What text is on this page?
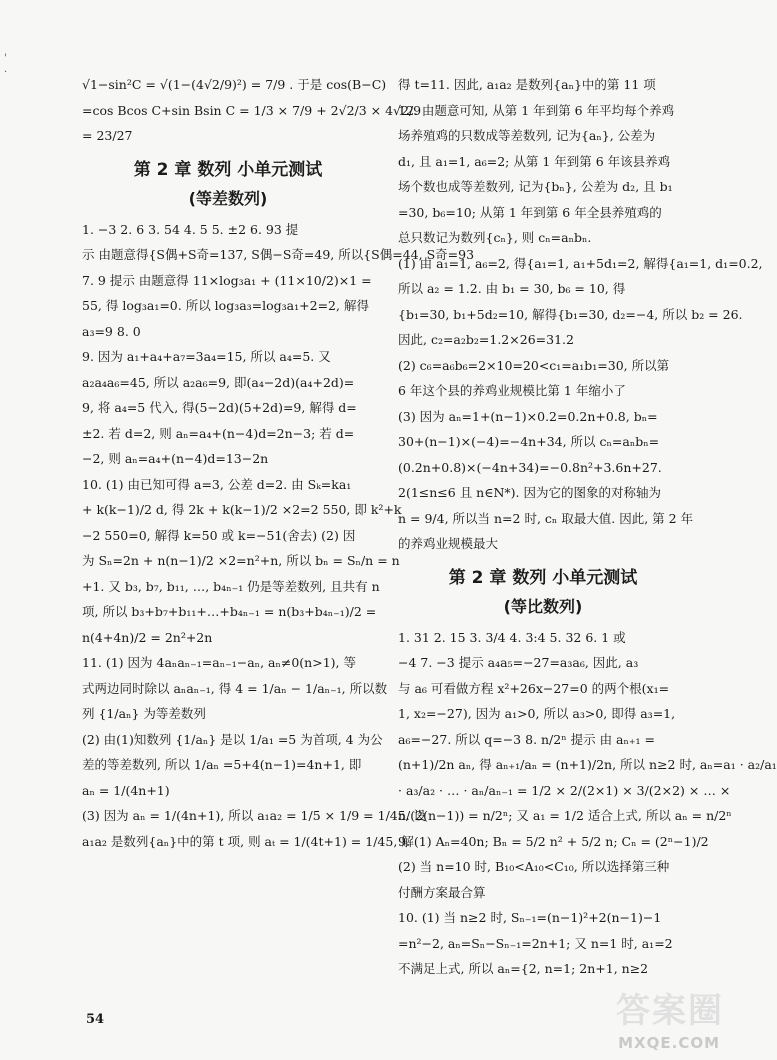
'
·
√1−sin²C = √(1−(4√2/9)²) = 7/9 . 于是 cos(B−C)
=cos Bcos C+sin Bsin C = 1/3 × 7/9 + 2√2/3 × 4√2/9
= 23/27
第 2 章 数列 小单元测试
(等差数列)
1. −3 2. 6 3. 54 4. 5 5. ±2 6. 93 提
示 由题意得{S偶+S奇=137, S偶−S奇=49, 所以{S偶=44, S奇=93
7. 9 提示 由题意得 11×log₃a₁ + (11×10/2)×1 =
55, 得 log₃a₁=0. 所以 log₃a₃=log₃a₁+2=2, 解得
a₃=9 8. 0
9. 因为 a₁+a₄+a₇=3a₄=15, 所以 a₄=5. 又
a₂a₄a₆=45, 所以 a₂a₆=9, 即(a₄−2d)(a₄+2d)=
9, 将 a₄=5 代入, 得(5−2d)(5+2d)=9, 解得 d=
±2. 若 d=2, 则 aₙ=a₄+(n−4)d=2n−3; 若 d=
−2, 则 aₙ=a₄+(n−4)d=13−2n
10. (1) 由已知可得 a=3, 公差 d=2. 由 Sₖ=ka₁
+ k(k−1)/2 d, 得 2k + k(k−1)/2 ×2=2 550, 即 k²+k
−2 550=0, 解得 k=50 或 k=−51(舍去) (2) 因
为 Sₙ=2n + n(n−1)/2 ×2=n²+n, 所以 bₙ = Sₙ/n = n
+1. 又 b₃, b₇, b₁₁, …, b₄ₙ₋₁ 仍是等差数列, 且共有 n
项, 所以 b₃+b₇+b₁₁+…+b₄ₙ₋₁ = n(b₃+b₄ₙ₋₁)/2 =
n(4+4n)/2 = 2n²+2n
11. (1) 因为 4aₙaₙ₋₁=aₙ₋₁−aₙ, aₙ≠0(n>1), 等
式两边同时除以 aₙaₙ₋₁, 得 4 = 1/aₙ − 1/aₙ₋₁, 所以数
列 {1/aₙ} 为等差数列
(2) 由(1)知数列 {1/aₙ} 是以 1/a₁ =5 为首项, 4 为公
差的等差数列, 所以 1/aₙ =5+4(n−1)=4n+1, 即
aₙ = 1/(4n+1)
(3) 因为 aₙ = 1/(4n+1), 所以 a₁a₂ = 1/5 × 1/9 = 1/45. 设
a₁a₂ 是数列{aₙ}中的第 t 项, 则 aₜ = 1/(4t+1) = 1/45, 解
得 t=11. 因此, a₁a₂ 是数列{aₙ}中的第 11 项
12. 由题意可知, 从第 1 年到第 6 年平均每个养鸡
场养殖鸡的只数成等差数列, 记为{aₙ}, 公差为
d₁, 且 a₁=1, a₆=2; 从第 1 年到第 6 年该县养鸡
场个数也成等差数列, 记为{bₙ}, 公差为 d₂, 且 b₁
=30, b₆=10; 从第 1 年到第 6 年全县养殖鸡的
总只数记为数列{cₙ}, 则 cₙ=aₙbₙ.
(1) 由 a₁=1, a₆=2, 得{a₁=1, a₁+5d₁=2, 解得{a₁=1, d₁=0.2,
所以 a₂ = 1.2. 由 b₁ = 30, b₆ = 10, 得
{b₁=30, b₁+5d₂=10, 解得{b₁=30, d₂=−4, 所以 b₂ = 26.
因此, c₂=a₂b₂=1.2×26=31.2
(2) c₆=a₆b₆=2×10=20<c₁=a₁b₁=30, 所以第
6 年这个县的养鸡业规模比第 1 年缩小了
(3) 因为 aₙ=1+(n−1)×0.2=0.2n+0.8, bₙ=
30+(n−1)×(−4)=−4n+34, 所以 cₙ=aₙbₙ=
(0.2n+0.8)×(−4n+34)=−0.8n²+3.6n+27.
2(1≤n≤6 且 n∈N*). 因为它的图象的对称轴为
n = 9/4, 所以当 n=2 时, cₙ 取最大值. 因此, 第 2 年
的养鸡业规模最大
第 2 章 数列 小单元测试
(等比数列)
1. 31 2. 15 3. 3/4 4. 3:4 5. 32 6. 1 或
−4 7. −3 提示 a₄a₅=−27=a₃a₆, 因此, a₃
与 a₆ 可看做方程 x²+26x−27=0 的两个根(x₁=
1, x₂=−27), 因为 a₁>0, 所以 a₃>0, 即得 a₃=1,
a₆=−27. 所以 q=−3 8. n/2ⁿ 提示 由 aₙ₊₁ =
(n+1)/2n aₙ, 得 aₙ₊₁/aₙ = (n+1)/2n, 所以 n≥2 时, aₙ=a₁ · a₂/a₁
· a₃/a₂ · … · aₙ/aₙ₋₁ = 1/2 × 2/(2×1) × 3/(2×2) × … ×
n/(2(n−1)) = n/2ⁿ; 又 a₁ = 1/2 适合上式, 所以 aₙ = n/2ⁿ
9. (1) Aₙ=40n; Bₙ = 5/2 n² + 5/2 n; Cₙ = (2ⁿ−1)/2
(2) 当 n=10 时, B₁₀<A₁₀<C₁₀, 所以选择第三种
付酬方案最合算
10. (1) 当 n≥2 时, Sₙ₋₁=(n−1)²+2(n−1)−1
=n²−2, aₙ=Sₙ−Sₙ₋₁=2n+1; 又 n=1 时, a₁=2
不满足上式, 所以 aₙ={2, n=1; 2n+1, n≥2
54	答案圈
MXQE.COM
